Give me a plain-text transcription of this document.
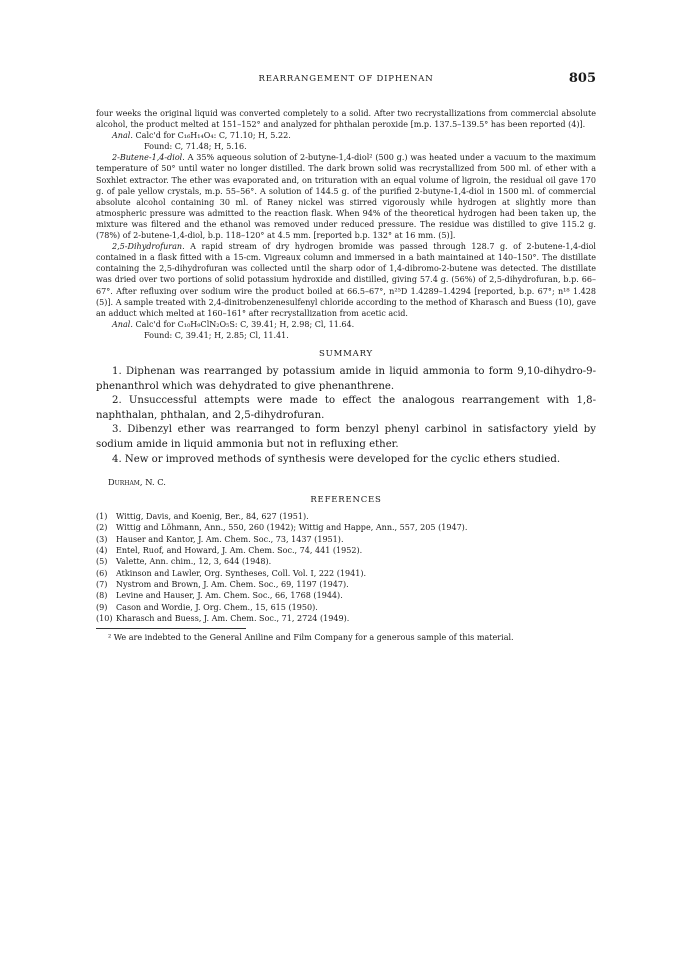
REARRANGEMENT OF DIPHENAN	805

four weeks the original liquid was converted completely to a solid. After two recrystallizations from commercial absolute alcohol, the product melted at 151–152° and analyzed for phthalan peroxide [m.p. 137.5–139.5° has been reported (4)].

Anal. Calc'd for C₁₆H₁₄O₄: C, 71.10; H, 5.22.

Found: C, 71.48; H, 5.16.

2-Butene-1,4-diol. A 35% aqueous solution of 2-butyne-1,4-diol² (500 g.) was heated under a vacuum to the maximum temperature of 50° until water no longer distilled. The dark brown solid was recrystallized from 500 ml. of ether with a Soxhlet extractor. The ether was evaporated and, on trituration with an equal volume of ligroin, the residual oil gave 170 g. of pale yellow crystals, m.p. 55–56°. A solution of 144.5 g. of the purified 2-butyne-1,4-diol in 1500 ml. of commercial absolute alcohol containing 30 ml. of Raney nickel was stirred vigorously while hydrogen at slightly more than atmospheric pressure was admitted to the reaction flask. When 94% of the theoretical hydrogen had been taken up, the mixture was filtered and the ethanol was removed under reduced pressure. The residue was distilled to give 115.2 g. (78%) of 2-butene-1,4-diol, b.p. 118–120° at 4.5 mm. [reported b.p. 132° at 16 mm. (5)].

2,5-Dihydrofuran. A rapid stream of dry hydrogen bromide was passed through 128.7 g. of 2-butene-1,4-diol contained in a flask fitted with a 15-cm. Vigreaux column and immersed in a bath maintained at 140–150°. The distillate containing the 2,5-dihydrofuran was collected until the sharp odor of 1,4-dibromo-2-butene was detected. The distillate was dried over two portions of solid potassium hydroxide and distilled, giving 57.4 g. (56%) of 2,5-dihydrofuran, b.p. 66–67°. After refluxing over sodium wire the product boiled at 66.5–67°, n²⁵D 1.4289–1.4294 [reported, b.p. 67°; n¹⁸ 1.428 (5)]. A sample treated with 2,4-dinitrobenzenesulfenyl chloride according to the method of Kharasch and Buess (10), gave an adduct which melted at 160–161° after recrystallization from acetic acid.

Anal. Calc'd for C₁₀H₉ClN₂O₅S: C, 39.41; H, 2.98; Cl, 11.64.

Found: C, 39.41; H, 2.85; Cl, 11.41.

SUMMARY

1. Diphenan was rearranged by potassium amide in liquid ammonia to form 9,10-dihydro-9-phenanthrol which was dehydrated to give phenanthrene.

2. Unsuccessful attempts were made to effect the analogous rearrangement with 1,8-naphthalan, phthalan, and 2,5-dihydrofuran.

3. Dibenzyl ether was rearranged to form benzyl phenyl carbinol in satisfactory yield by sodium amide in liquid ammonia but not in refluxing ether.

4. New or improved methods of synthesis were developed for the cyclic ethers studied.

Durham, N. C.
REFERENCES
(1)	Wittig, Davis, and Koenig, Ber., 84, 627 (1951).
(2)	Wittig and Löhmann, Ann., 550, 260 (1942); Wittig and Happe, Ann., 557, 205 (1947).
(3)	Hauser and Kantor, J. Am. Chem. Soc., 73, 1437 (1951).
(4)	Entel, Ruof, and Howard, J. Am. Chem. Soc., 74, 441 (1952).
(5)	Valette, Ann. chim., 12, 3, 644 (1948).
(6)	Atkinson and Lawler, Org. Syntheses, Coll. Vol. I, 222 (1941).
(7)	Nystrom and Brown, J. Am. Chem. Soc., 69, 1197 (1947).
(8)	Levine and Hauser, J. Am. Chem. Soc., 66, 1768 (1944).
(9)	Cason and Wordie, J. Org. Chem., 15, 615 (1950).
(10) Kharasch and Buess, J. Am. Chem. Soc., 71, 2724 (1949).

² We are indebted to the General Aniline and Film Company for a generous sample of this material.
